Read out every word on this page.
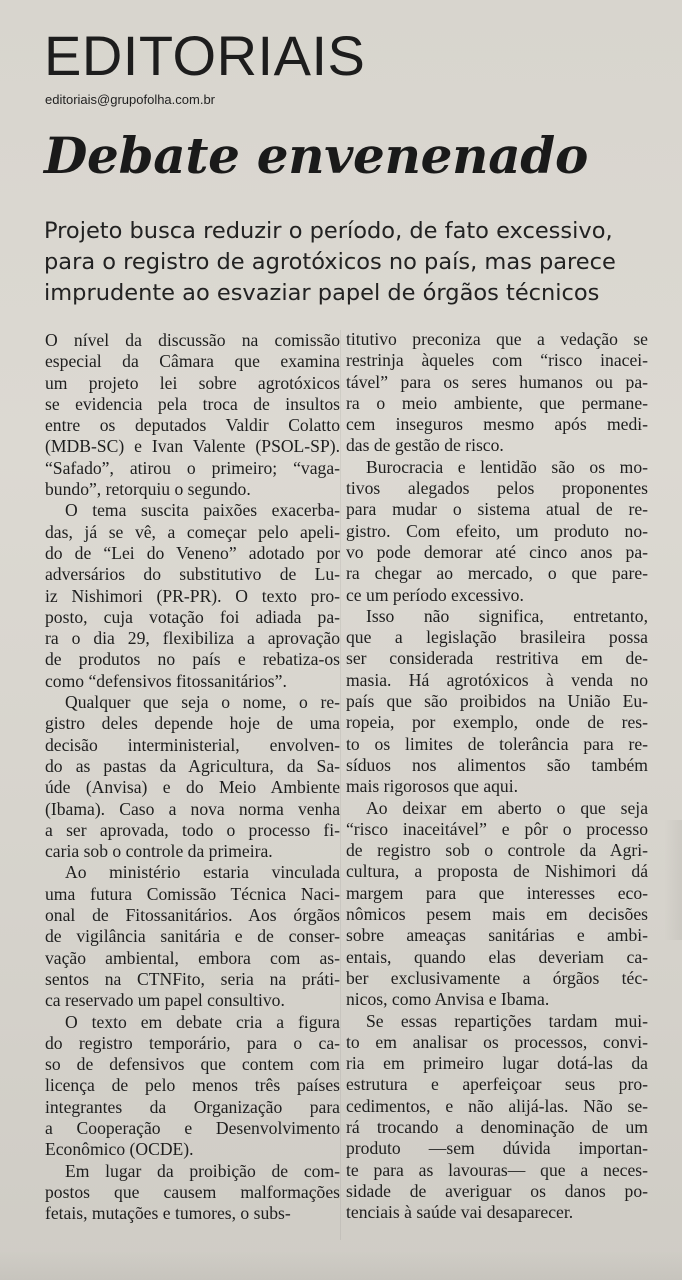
EDITORIAIS
editoriais@grupofolha.com.br
Debate envenenado

Projeto busca reduzir o período, de fato excessivo,
para o registro de agrotóxicos no país, mas parece
imprudente ao esvaziar papel de órgãos técnicos

O nível da discussão na comissão
especial da Câmara que examina
um projeto lei sobre agrotóxicos
se evidencia pela troca de insultos
entre os deputados Valdir Colatto
(MDB-SC) e Ivan Valente (PSOL-SP).
“Safado”, atirou o primeiro; “vaga-
bundo”, retorquiu o segundo.
O tema suscita paixões exacerba-
das, já se vê, a começar pelo apeli-
do de “Lei do Veneno” adotado por
adversários do substitutivo de Lu-
iz Nishimori (PR-PR). O texto pro-
posto, cuja votação foi adiada pa-
ra o dia 29, flexibiliza a aprovação
de produtos no país e rebatiza-os
como “defensivos fitossanitários”.
Qualquer que seja o nome, o re-
gistro deles depende hoje de uma
decisão interministerial, envolven-
do as pastas da Agricultura, da Sa-
úde (Anvisa) e do Meio Ambiente
(Ibama). Caso a nova norma venha
a ser aprovada, todo o processo fi-
caria sob o controle da primeira.
Ao ministério estaria vinculada
uma futura Comissão Técnica Naci-
onal de Fitossanitários. Aos órgãos
de vigilância sanitária e de conser-
vação ambiental, embora com as-
sentos na CTNFito, seria na práti-
ca reservado um papel consultivo.
O texto em debate cria a figura
do registro temporário, para o ca-
so de defensivos que contem com
licença de pelo menos três países
integrantes da Organização para
a Cooperação e Desenvolvimento
Econômico (OCDE).
Em lugar da proibição de com-
postos que causem malformações
fetais, mutações e tumores, o subs-
titutivo preconiza que a vedação se
restrinja àqueles com “risco inacei-
tável” para os seres humanos ou pa-
ra o meio ambiente, que permane-
cem inseguros mesmo após medi-
das de gestão de risco.
Burocracia e lentidão são os mo-
tivos alegados pelos proponentes
para mudar o sistema atual de re-
gistro. Com efeito, um produto no-
vo pode demorar até cinco anos pa-
ra chegar ao mercado, o que pare-
ce um período excessivo.
Isso não significa, entretanto,
que a legislação brasileira possa
ser considerada restritiva em de-
masia. Há agrotóxicos à venda no
país que são proibidos na União Eu-
ropeia, por exemplo, onde de res-
to os limites de tolerância para re-
síduos nos alimentos são também
mais rigorosos que aqui.
Ao deixar em aberto o que seja
“risco inaceitável” e pôr o processo
de registro sob o controle da Agri-
cultura, a proposta de Nishimori dá
margem para que interesses eco-
nômicos pesem mais em decisões
sobre ameaças sanitárias e ambi-
entais, quando elas deveriam ca-
ber exclusivamente a órgãos téc-
nicos, como Anvisa e Ibama.
Se essas repartições tardam mui-
to em analisar os processos, convi-
ria em primeiro lugar dotá-las da
estrutura e aperfeiçoar seus pro-
cedimentos, e não alijá-las. Não se-
rá trocando a denominação de um
produto —sem dúvida importan-
te para as lavouras— que a neces-
sidade de averiguar os danos po-
tenciais à saúde vai desaparecer.
